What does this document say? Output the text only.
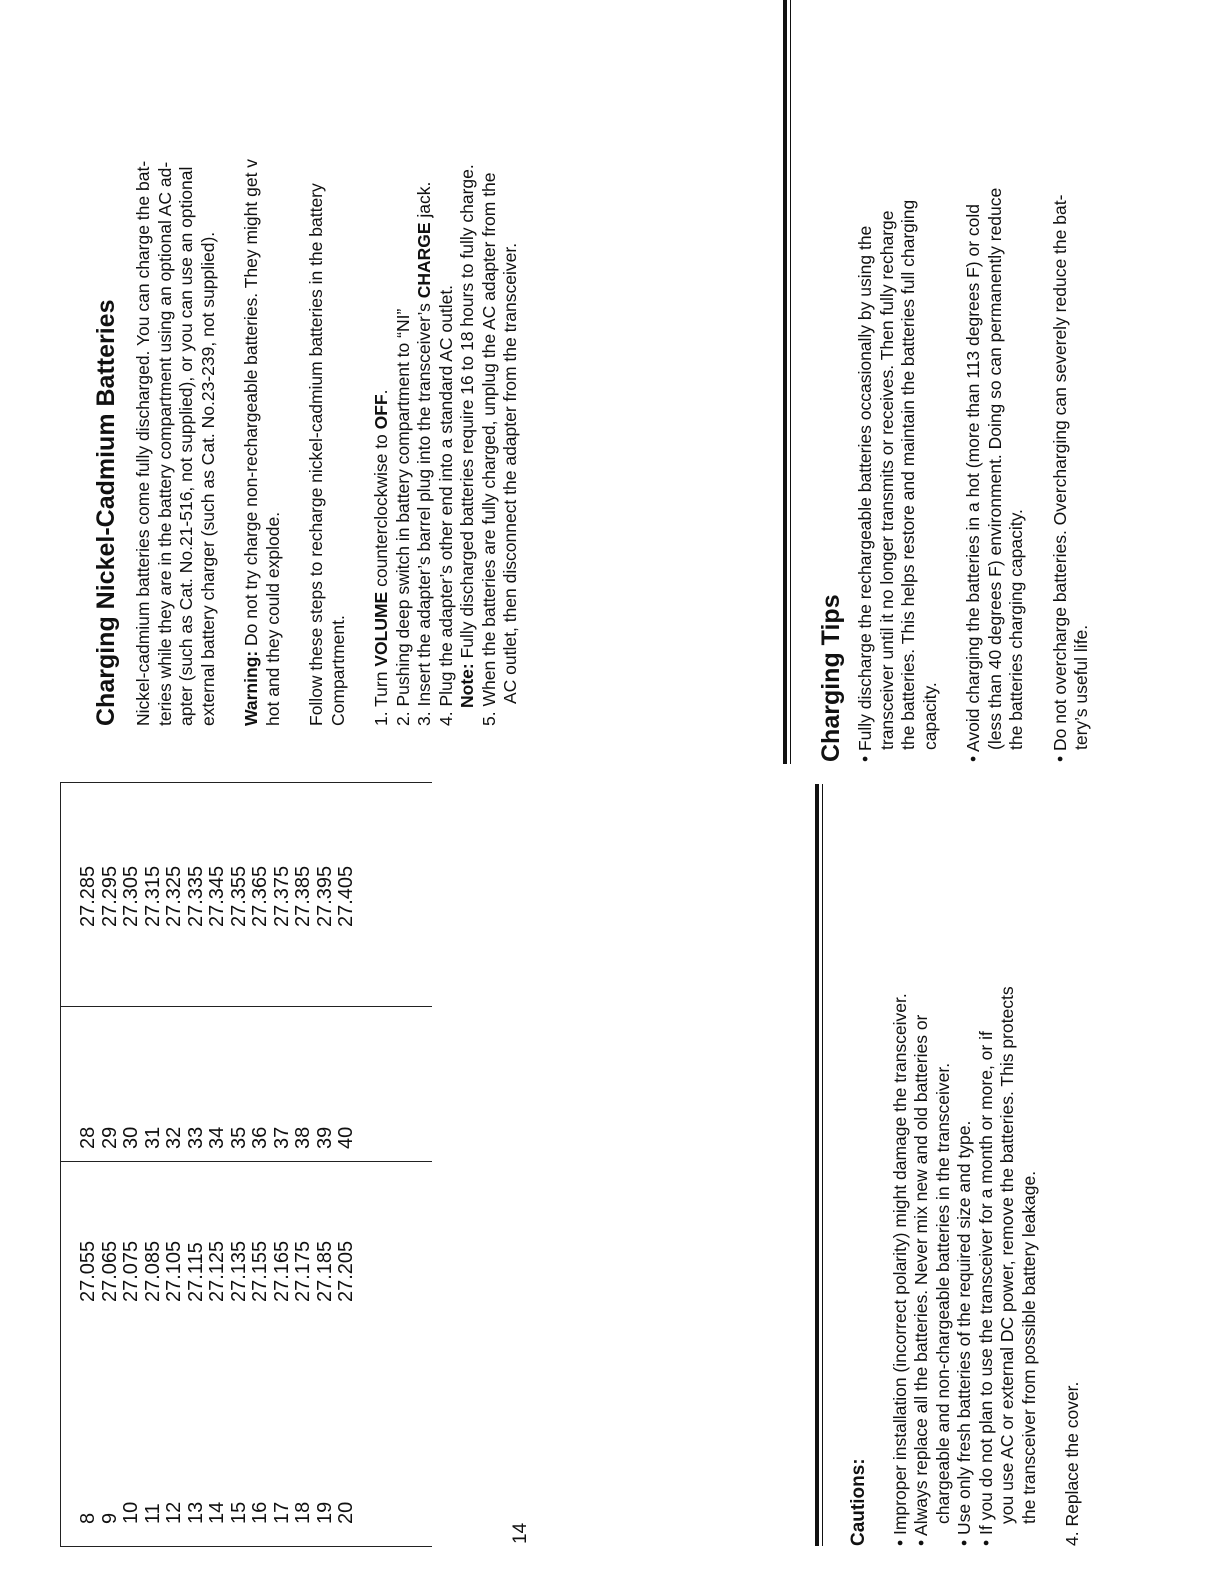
8 9 10 11 12 13 14 15 16 17 18 19 20
27.055 27.065 27.075 27.085 27.105 27.115 27.125 27.135 27.155 27.165 27.175 27.185 27.205
28 29 30 31 32 33 34 35 36 37 38 39 40
27.285 27.295 27.305 27.315 27.325 27.335 27.345 27.355 27.365 27.375 27.385 27.395 27.405
14	Cautions: • Improper installation (incorrect polarity) might damage the transceiver. • Always replace all the batteries. Never mix new and old batteries or chargeable and non-chargeable batteries in the transceiver. • Use only fresh batteries of the required size and type. • If you do not plan to use the transceiver for a month or more, or if you use AC or external DC power, remove the batteries. This protects the transceiver from possible battery leakage. 4. Replace the cover.

Charging Nickel-Cadmium Batteries Nickel-cadmium batteries come fully discharged. You can charge the bat- teries while they are in the battery compartment using an optional AC ad- apter (such as Cat. No.21-516, not supplied), or you can use an optional external battery charger (such as Cat. No.23-239, not supplied). Warning: Do not try charge non-rechargeable batteries. They might get v hot and they could explode. Follow these steps to recharge nickel-cadmium batteries in the battery Compartment. 1. Turn VOLUME counterclockwise to OFF. 2. Pushing deep switch in battery compartment to “NI” 3. Insert the adapter’s barrel plug into the transceiver’s CHARGE jack.

4. Plug the adapter’s other end into a standard AC outlet. Note: Fully discharged batteries require 16 to 18 hours to fully charge. 5. When the batteries are fully charged, unplug the AC adapter from the AC outlet, then disconnect the adapter from the transceiver.	Charging Tips • Fully discharge the rechargeable batteries occasionally by using the transceiver until it no longer transmits or receives. Then fully recharge the batteries. This helps restore and maintain the batteries full charging capacity. • Avoid charging the batteries in a hot (more than 113 degrees F) or cold (less than 40 degrees F) environment. Doing so can permanently reduce the batteries charging capacity. • Do not overcharge batteries. Overcharging can severely reduce the bat- tery’s useful life.
